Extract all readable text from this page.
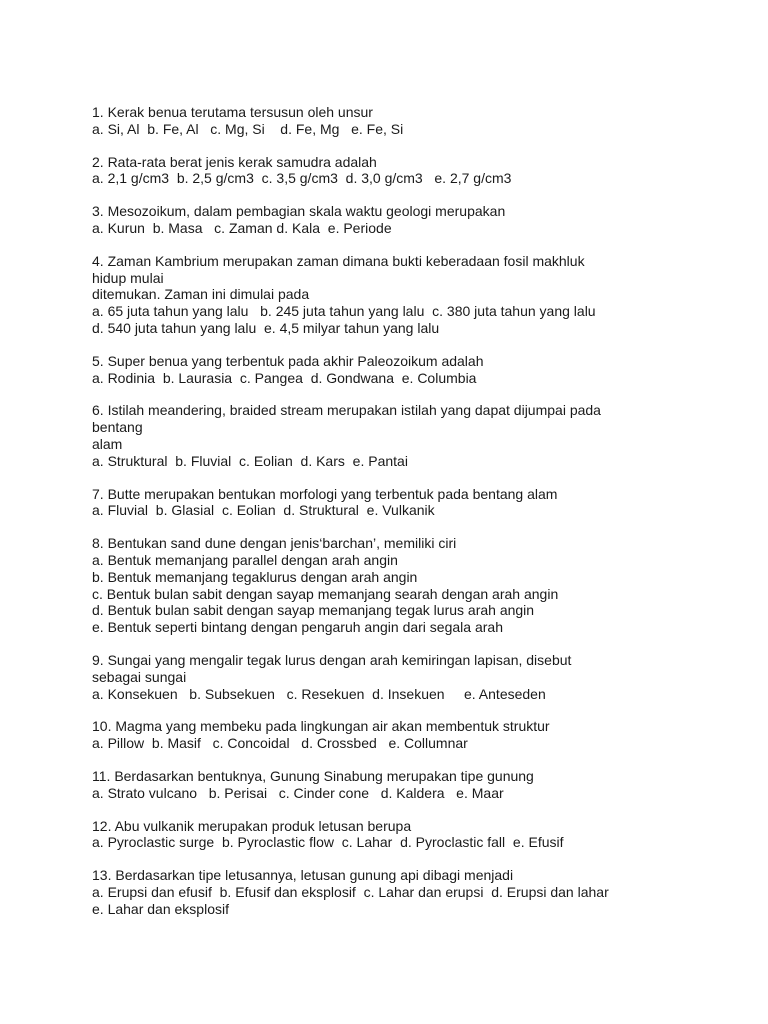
1. Kerak benua terutama tersusun oleh unsur
a. Si, Al  b. Fe, Al   c. Mg, Si    d. Fe, Mg   e. Fe, Si
2. Rata-rata berat jenis kerak samudra adalah
a. 2,1 g/cm3  b. 2,5 g/cm3  c. 3,5 g/cm3  d. 3,0 g/cm3   e. 2,7 g/cm3
3. Mesozoikum, dalam pembagian skala waktu geologi merupakan
a. Kurun  b. Masa   c. Zaman d. Kala  e. Periode
4. Zaman Kambrium merupakan zaman dimana bukti keberadaan fosil makhluk
hidup mulai
ditemukan. Zaman ini dimulai pada
a. 65 juta tahun yang lalu   b. 245 juta tahun yang lalu  c. 380 juta tahun yang lalu
d. 540 juta tahun yang lalu  e. 4,5 milyar tahun yang lalu
5. Super benua yang terbentuk pada akhir Paleozoikum adalah
a. Rodinia  b. Laurasia  c. Pangea  d. Gondwana  e. Columbia
6. Istilah meandering, braided stream merupakan istilah yang dapat dijumpai pada
bentang
alam
a. Struktural  b. Fluvial  c. Eolian  d. Kars  e. Pantai
7. Butte merupakan bentukan morfologi yang terbentuk pada bentang alam
a. Fluvial  b. Glasial  c. Eolian  d. Struktural  e. Vulkanik
8. Bentukan sand dune dengan jenis‘barchan’, memiliki ciri
a. Bentuk memanjang parallel dengan arah angin
b. Bentuk memanjang tegaklurus dengan arah angin
c. Bentuk bulan sabit dengan sayap memanjang searah dengan arah angin
d. Bentuk bulan sabit dengan sayap memanjang tegak lurus arah angin
e. Bentuk seperti bintang dengan pengaruh angin dari segala arah
9. Sungai yang mengalir tegak lurus dengan arah kemiringan lapisan, disebut
sebagai sungai
a. Konsekuen   b. Subsekuen   c. Resekuen  d. Insekuen     e. Anteseden
10. Magma yang membeku pada lingkungan air akan membentuk struktur
a. Pillow  b. Masif   c. Concoidal   d. Crossbed   e. Collumnar
11. Berdasarkan bentuknya, Gunung Sinabung merupakan tipe gunung
a. Strato vulcano   b. Perisai   c. Cinder cone   d. Kaldera   e. Maar
12. Abu vulkanik merupakan produk letusan berupa
a. Pyroclastic surge  b. Pyroclastic flow  c. Lahar  d. Pyroclastic fall  e. Efusif
13. Berdasarkan tipe letusannya, letusan gunung api dibagi menjadi
a. Erupsi dan efusif  b. Efusif dan eksplosif  c. Lahar dan erupsi  d. Erupsi dan lahar
e. Lahar dan eksplosif
